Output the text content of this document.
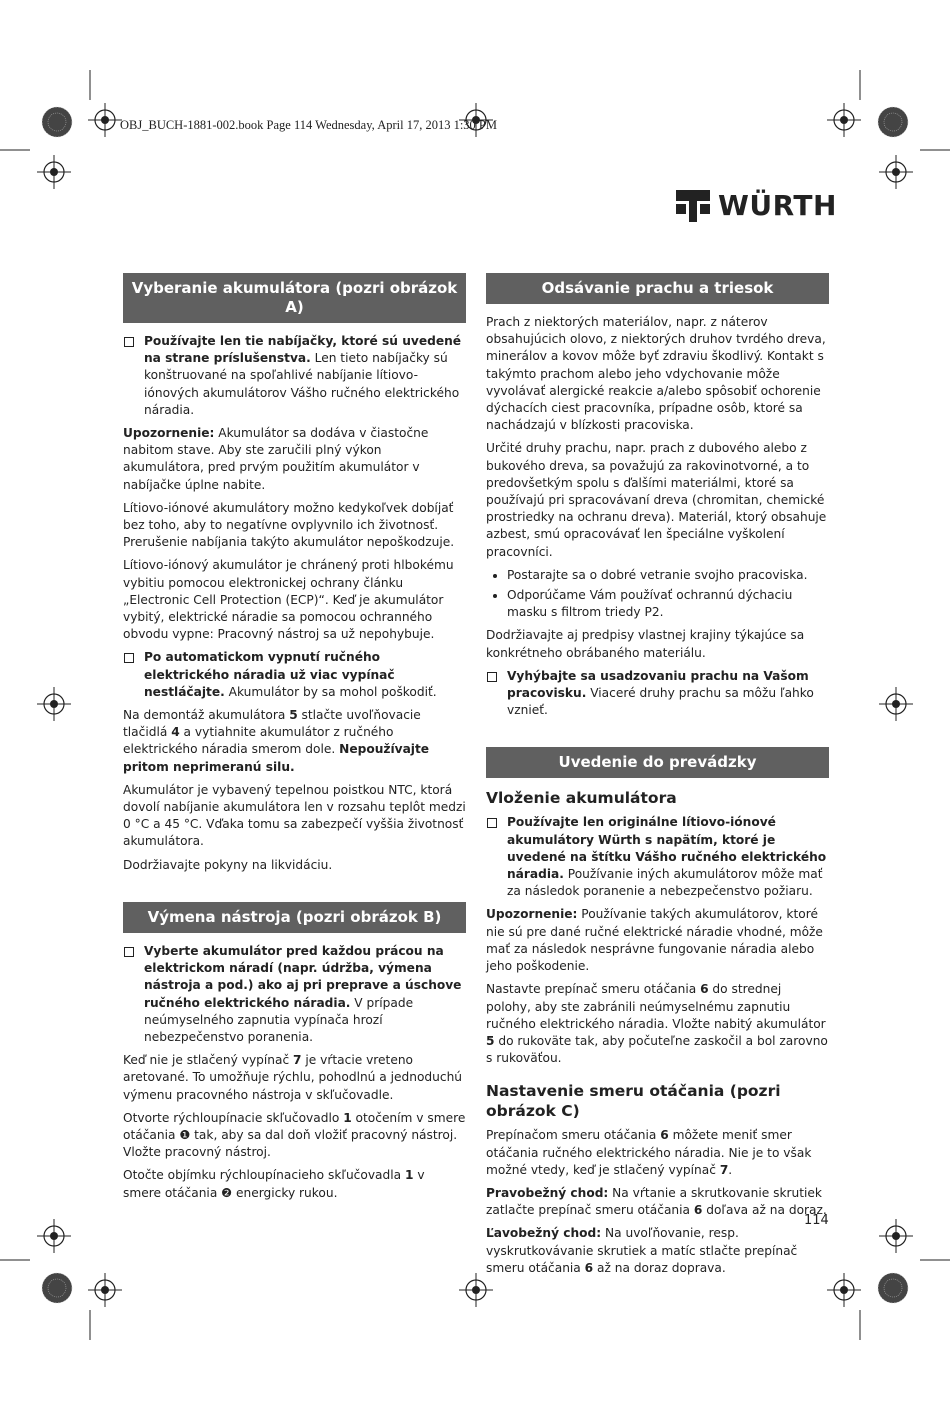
OBJ_BUCH-1881-002.book Page 114 Wednesday, April 17, 2013 1:30 PM
WÜRTH
Vyberanie akumulátora (pozri obrázok A)
Používajte len tie nabíjačky, ktoré sú uvedené na strane príslušenstva. Len tieto nabíjačky sú konštruované na spoľahlivé nabíjanie lítiovo-iónových akumulátorov Vášho ručného elektrického náradia.

Upozornenie: Akumulátor sa dodáva v čiastočne nabitom stave. Aby ste zaručili plný výkon akumulátora, pred prvým použitím akumulátor v nabíjačke úplne nabite.

Lítiovo-iónové akumulátory možno kedykoľvek dobíjať bez toho, aby to negatívne ovplyvnilo ich životnosť. Prerušenie nabíjania takýto akumulátor nepoškodzuje.

Lítiovo-iónový akumulátor je chránený proti hlbokému vybitiu pomocou elektronickej ochrany článku „Electronic Cell Protection (ECP)“. Keď je akumulátor vybitý, elektrické náradie sa pomocou ochranného obvodu vypne: Pracovný nástroj sa už nepohybuje.

Po automatickom vypnutí ručného elektrického náradia už viac vypínač nestláčajte. Akumulátor by sa mohol poškodiť.

Na demontáž akumulátora 5 stlačte uvoľňovacie tlačidlá 4 a vytiahnite akumulátor z ručného elektrického náradia smerom dole. Nepoužívajte pritom neprimeranú silu.

Akumulátor je vybavený tepelnou poistkou NTC, ktorá dovolí nabíjanie akumulátora len v rozsahu teplôt medzi 0 °C a 45 °C. Vďaka tomu sa zabezpečí vyššia životnosť akumulátora.

Dodržiavajte pokyny na likvidáciu.

Výmena nástroja (pozri obrázok B)
Vyberte akumulátor pred každou prácou na elektrickom náradí (napr. údržba, výmena nástroja a pod.) ako aj pri preprave a úschove ručného elektrického náradia. V prípade neúmyselného zapnutia vypínača hrozí nebezpečenstvo poranenia.

Keď nie je stlačený vypínač 7 je vŕtacie vreteno aretované. To umožňuje rýchlu, pohodlnú a jednoduchú výmenu pracovného nástroja v skľučovadle.

Otvorte rýchloupínacie skľučovadlo 1 otočením v smere otáčania ❶ tak, aby sa dal doň vložiť pracovný nástroj. Vložte pracovný nástroj.

Otočte objímku rýchloupínacieho skľučovadla 1 v smere otáčania ❷ energicky rukou.

Odsávanie prachu a triesok

Prach z niektorých materiálov, napr. z náterov obsahujúcich olovo, z niektorých druhov tvrdého dreva, minerálov a kovov môže byť zdraviu škodlivý. Kontakt s takýmto prachom alebo jeho vdychovanie môže vyvolávať alergické reakcie a/alebo spôsobiť ochorenie dýchacích ciest pracovníka, prípadne osôb, ktoré sa nachádzajú v blízkosti pracoviska.

Určité druhy prachu, napr. prach z dubového alebo z bukového dreva, sa považujú za rakovinotvorné, a to predovšetkým spolu s ďalšími materiálmi, ktoré sa používajú pri spracovávaní dreva (chromitan, chemické prostriedky na ochranu dreva). Materiál, ktorý obsahuje azbest, smú opracovávať len špeciálne vyškolení pracovníci.

• Postarajte sa o dobré vetranie svojho pracoviska.
• Odporúčame Vám používať ochrannú dýchaciu masku s filtrom triedy P2.

Dodržiavajte aj predpisy vlastnej krajiny týkajúce sa konkrétneho obrábaného materiálu.

Vyhýbajte sa usadzovaniu prachu na Vašom pracovisku. Viaceré druhy prachu sa môžu ľahko vznieť.
Uvedenie do prevádzky
Vloženie akumulátora
Používajte len originálne lítiovo-iónové akumulátory Würth s napätím, ktoré je uvedené na štítku Vášho ručného elektrického náradia. Používanie iných akumulátorov môže mať za následok poranenie a nebezpečenstvo požiaru.

Upozornenie: Používanie takých akumulátorov, ktoré nie sú pre dané ručné elektrické náradie vhodné, môže mať za následok nesprávne fungovanie náradia alebo jeho poškodenie.

Nastavte prepínač smeru otáčania 6 do strednej polohy, aby ste zabránili neúmyselnému zapnutiu ručného elektrického náradia. Vložte nabitý akumulátor 5 do rukoväte tak, aby počuteľne zaskočil a bol zarovno s rukoväťou.

Nastavenie smeru otáčania (pozri obrázok C)

Prepínačom smeru otáčania 6 môžete meniť smer otáčania ručného elektrického náradia. Nie je to však možné vtedy, keď je stlačený vypínač 7.

Pravobežný chod: Na vŕtanie a skrutkovanie skrutiek zatlačte prepínač smeru otáčania 6 doľava až na doraz.

Ľavobežný chod: Na uvoľňovanie, resp. vyskrutkovávanie skrutiek a matíc stlačte prepínač smeru otáčania 6 až na doraz doprava.

114
